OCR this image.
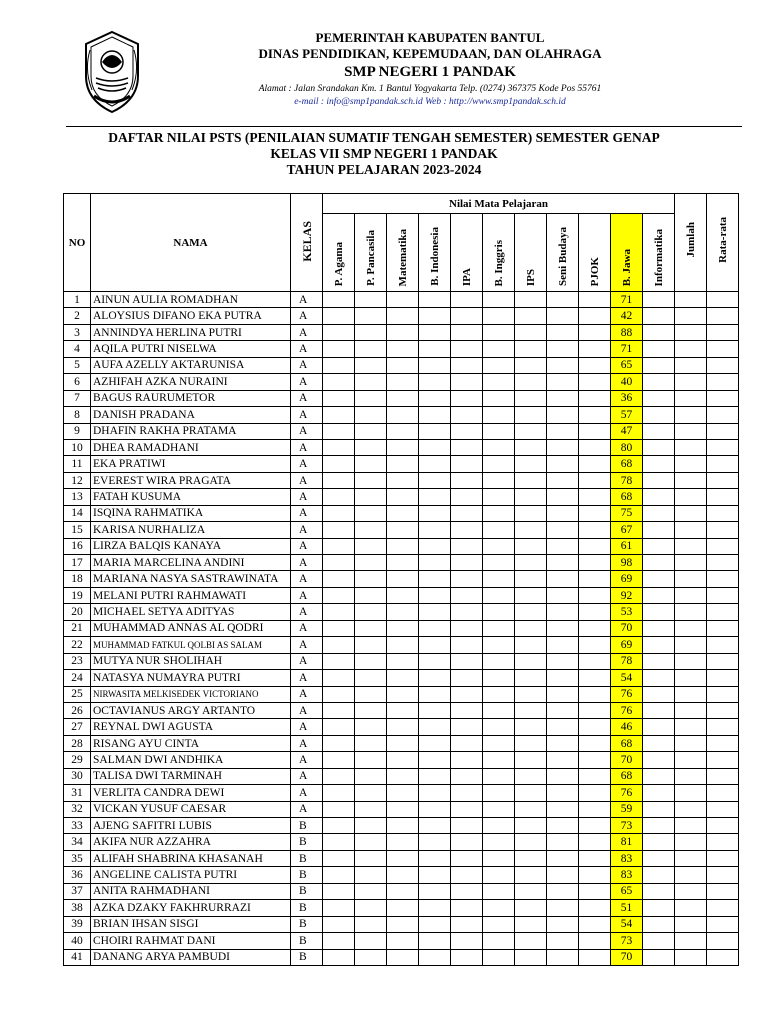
PEMERINTAH KABUPATEN BANTUL
DINAS PENDIDIKAN, KEPEMUDAAN, DAN OLAHRAGA
SMP NEGERI 1 PANDAK
Alamat : Jalan Srandakan Km. 1 Bantul Yogyakarta Telp. (0274) 367375 Kode Pos 55761
e-mail : info@smp1pandak.sch.id Web : http://www.smp1pandak.sch.id
DAFTAR NILAI PSTS (PENILAIAN SUMATIF TENGAH SEMESTER) SEMESTER GENAP
KELAS VII SMP NEGERI 1 PANDAK
TAHUN PELAJARAN 2023-2024
NO	NAMA	KELAS	Nilai Mata Pelajaran											Jumlah	Rata-rata
			P. Agama	P. Pancasila	Matematika	B. Indonesia	IPA	B. Inggris	IPS	Seni Budaya	PJOK	B. Jawa	Informatika		
1	AINUN AULIA ROMADHAN	A										71			
2	ALOYSIUS DIFANO EKA PUTRA	A										42			
3	ANNINDYA HERLINA PUTRI	A										88			
4	AQILA PUTRI NISELWA	A										71			
5	AUFA AZELLY AKTARUNISA	A										65			
6	AZHIFAH AZKA NURAINI	A										40			
7	BAGUS RAURUMETOR	A										36			
8	DANISH PRADANA	A										57			
9	DHAFIN RAKHA PRATAMA	A										47			
10	DHEA RAMADHANI	A										80			
11	EKA PRATIWI	A										68			
12	EVEREST WIRA PRAGATA	A										78			
13	FATAH KUSUMA	A										68			
14	ISQINA RAHMATIKA	A										75			
15	KARISA NURHALIZA	A										67			
16	LIRZA BALQIS KANAYA	A										61			
17	MARIA MARCELINA ANDINI	A										98			
18	MARIANA NASYA SASTRAWINATA	A										69			
19	MELANI PUTRI RAHMAWATI	A										92			
20	MICHAEL SETYA ADITYAS	A										53			
21	MUHAMMAD ANNAS AL QODRI	A										70			
22	MUHAMMAD FATKUL QOLBI AS SALAM	A										69			
23	MUTYA NUR SHOLIHAH	A										78			
24	NATASYA NUMAYRA PUTRI	A										54			
25	NIRWASITA MELKISEDEK VICTORIANO	A										76			
26	OCTAVIANUS ARGY ARTANTO	A										76			
27	REYNAL DWI AGUSTA	A										46			
28	RISANG AYU CINTA	A										68			
29	SALMAN DWI ANDHIKA	A										70			
30	TALISA DWI TARMINAH	A										68			
31	VERLITA CANDRA DEWI	A										76			
32	VICKAN YUSUF CAESAR	A										59			
33	AJENG SAFITRI LUBIS	B										73			
34	AKIFA NUR AZZAHRA	B										81			
35	ALIFAH SHABRINA KHASANAH	B										83			
36	ANGELINE CALISTA PUTRI	B										83			
37	ANITA RAHMADHANI	B										65			
38	AZKA DZAKY FAKHRURRAZI	B										51			
39	BRIAN IHSAN SISGI	B										54			
40	CHOIRI RAHMAT DANI	B										73			
41	DANANG ARYA PAMBUDI	B										70			
